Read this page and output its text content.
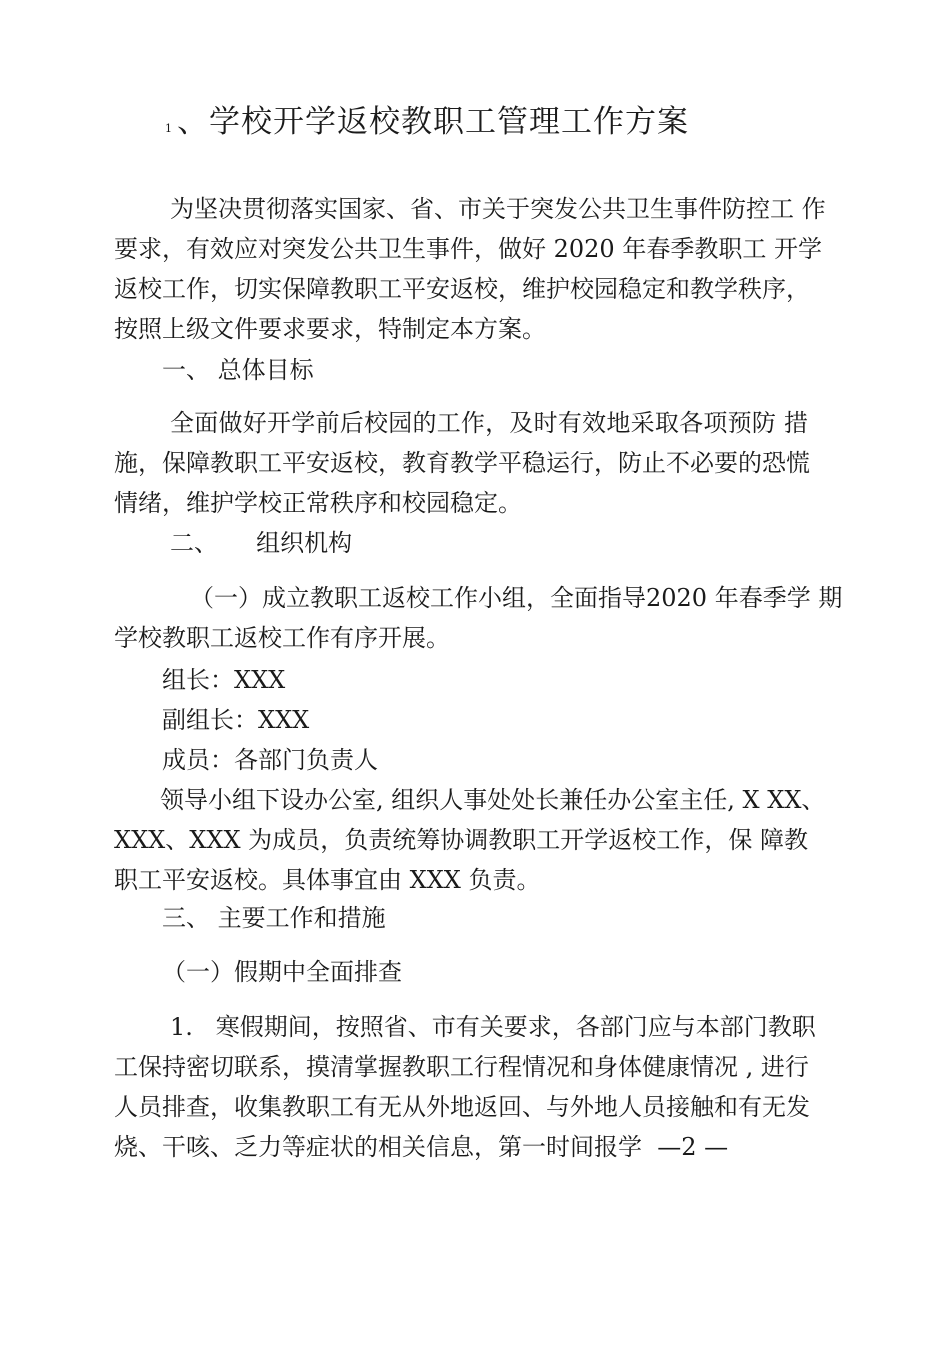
1 、学校开学返校教职工管理工作方案
为坚决贯彻落实国家、省、市关于突发公共卫生事件防控工 作
要求，有效应对突发公共卫生事件，做好 2020 年春季教职工 开学
返校工作，切实保障教职工平安返校，维护校园稳定和教学秩序，
按照上级文件要求要求，特制定本方案。
一、 总体目标
全面做好开学前后校园的工作，及时有效地采取各项预防 措
施，保障教职工平安返校，教育教学平稳运行，防止不必要的恐慌
情绪，维护学校正常秩序和校园稳定。
二、     组织机构
（一）成立教职工返校工作小组，全面指导2020 年春季学 期
学校教职工返校工作有序开展。
组长：XXX
副组长：XXX
成员：各部门负责人
领导小组下设办公室, 组织人事处处长兼任办公室主任, X XX、
XXX、XXX 为成员，负责统筹协调教职工开学返校工作，保 障教
职工平安返校。具体事宜由 XXX 负责。
三、 主要工作和措施
（一）假期中全面排查
1.   寒假期间，按照省、市有关要求，各部门应与本部门教职
工保持密切联系，摸清掌握教职工行程情况和身体健康情况 , 进行
人员排查，收集教职工有无从外地返回、与外地人员接触和有无发
烧、干咳、乏力等症状的相关信息，第一时间报学  —2 —
